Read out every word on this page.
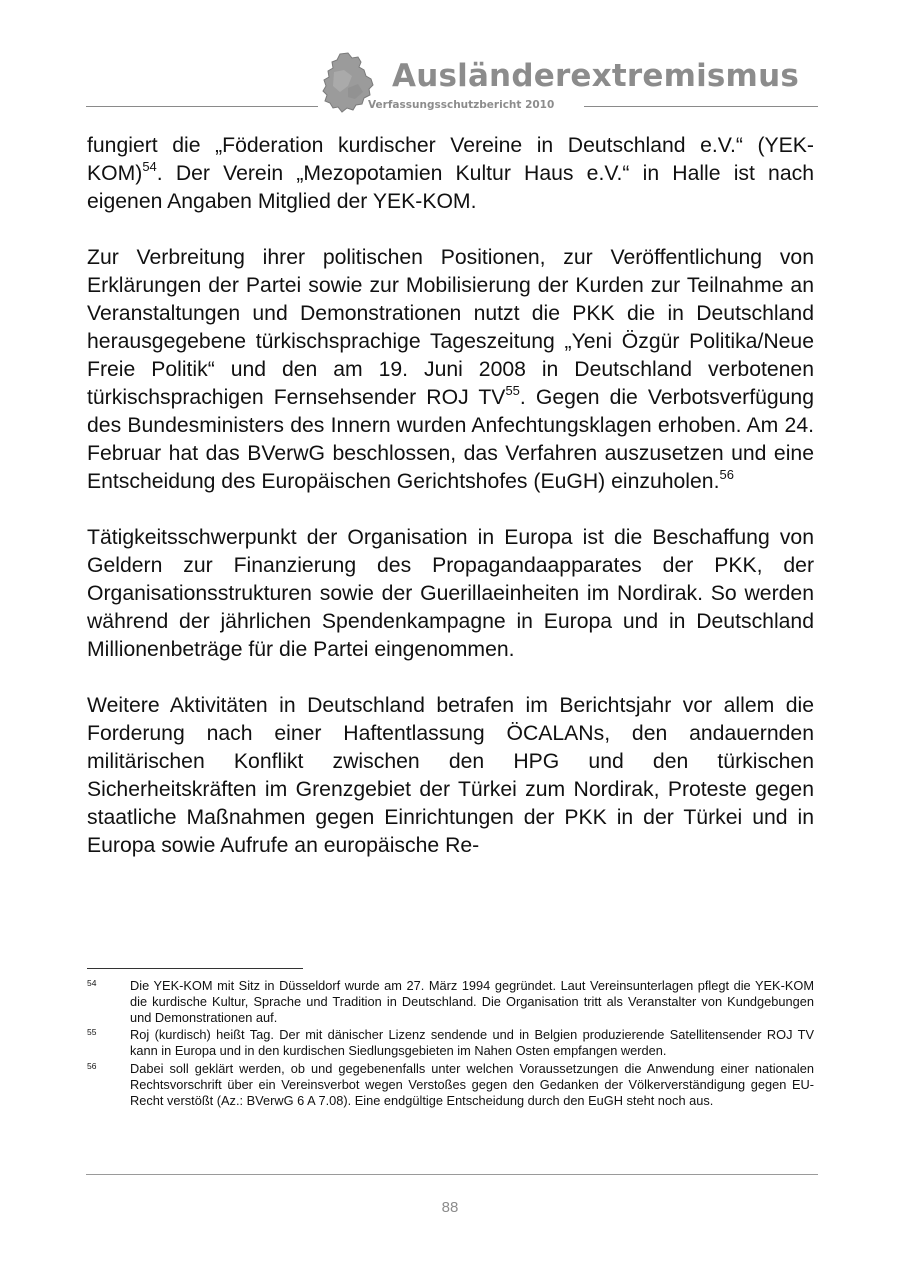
Ausländerextremismus
Verfassungsschutzbericht 2010

fungiert die „Föderation kurdischer Vereine in Deutschland e.V.“ (YEK-KOM)$^{54}$. Der Verein „Mezopotamien Kultur Haus e.V.“ in Halle ist nach eigenen Angaben Mitglied der YEK-KOM.

Zur Verbreitung ihrer politischen Positionen, zur Veröffentlichung von Erklärungen der Partei sowie zur Mobilisierung der Kurden zur Teilnahme an Veranstaltungen und Demonstrationen nutzt die PKK die in Deutschland herausgegebene türkischsprachige Tageszeitung „Yeni Özgür Politika/Neue Freie Politik“ und den am 19. Juni 2008 in Deutschland verbotenen türkischsprachigen Fernsehsender ROJ TV$^{55}$. Gegen die Verbotsverfügung des Bundesministers des Innern wurden Anfechtungsklagen erhoben. Am 24. Februar hat das BVerwG beschlossen, das Verfahren auszusetzen und eine Entscheidung des Europäischen Gerichtshofes (EuGH) einzuholen.$^{56}$

Tätigkeitsschwerpunkt der Organisation in Europa ist die Beschaffung von Geldern zur Finanzierung des Propagandaapparates der PKK, der Organisationsstrukturen sowie der Guerillaeinheiten im Nordirak. So werden während der jährlichen Spendenkampagne in Europa und in Deutschland Millionenbeträge für die Partei eingenommen.

Weitere Aktivitäten in Deutschland betrafen im Berichtsjahr vor allem die Forderung nach einer Haftentlassung ÖCALANs, den andauernden militärischen Konflikt zwischen den HPG und den türkischen Sicherheitskräften im Grenzgebiet der Türkei zum Nordirak, Proteste gegen staatliche Maßnahmen gegen Einrichtungen der PKK in der Türkei und in Europa sowie Aufrufe an europäische Re-

54	Die YEK-KOM mit Sitz in Düsseldorf wurde am 27. März 1994 gegründet. Laut Vereinsunterlagen pflegt die YEK-KOM die kurdische Kultur, Sprache und Tradition in Deutschland. Die Organisation tritt als Veranstalter von Kundgebungen und Demonstrationen auf.
55	Roj (kurdisch) heißt Tag. Der mit dänischer Lizenz sendende und in Belgien produzierende Satellitensender ROJ TV kann in Europa und in den kurdischen Siedlungsgebieten im Nahen Osten empfangen werden.
56	Dabei soll geklärt werden, ob und gegebenenfalls unter welchen Voraussetzungen die Anwendung einer nationalen Rechtsvorschrift über ein Vereinsverbot wegen Verstoßes gegen den Gedanken der Völkerverständigung gegen EU-Recht verstößt (Az.: BVerwG 6 A 7.08). Eine endgültige Entscheidung durch den EuGH steht noch aus.
88
